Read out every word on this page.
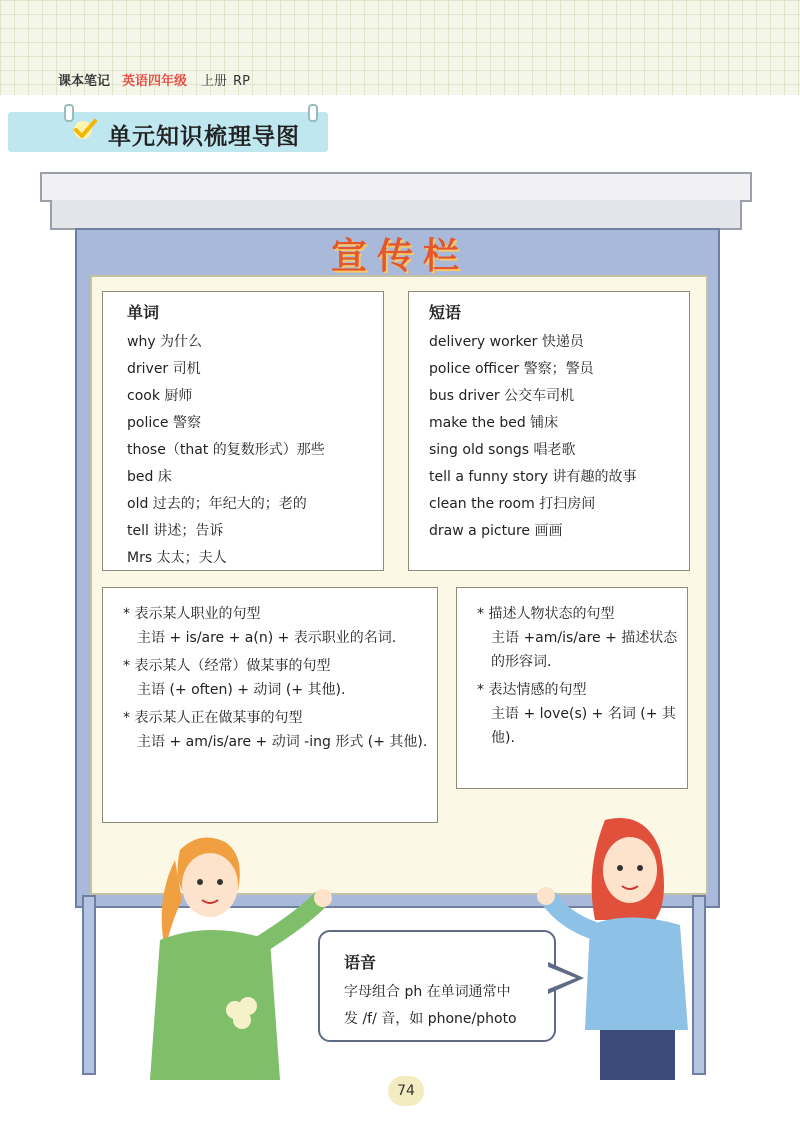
课本笔记 英语四年级 上册 RP
单元知识梳理导图
宣传栏
单词
why 为什么
driver 司机
cook 厨师
police 警察
those（that 的复数形式）那些
bed 床
old 过去的；年纪大的；老的
tell 讲述；告诉
Mrs 太太；夫人
短语
delivery worker 快递员
police officer 警察；警员
bus driver 公交车司机
make the bed 铺床
sing old songs 唱老歌
tell a funny story 讲有趣的故事
clean the room 打扫房间
draw a picture 画画
* 表示某人职业的句型
主语 + is/are + a(n) + 表示职业的名词.
* 表示某人（经常）做某事的句型
主语 (+ often) + 动词 (+ 其他).
* 表示某人正在做某事的句型
主语 + am/is/are + 动词 -ing 形式 (+ 其他).
* 描述人物状态的句型
主语 +am/is/are + 描述状态的形容词.
* 表达情感的句型
主语 + love(s) + 名词 (+ 其他).
语音
字母组合 ph 在单词通常中
发 /f/ 音，如 phone/photo
74
